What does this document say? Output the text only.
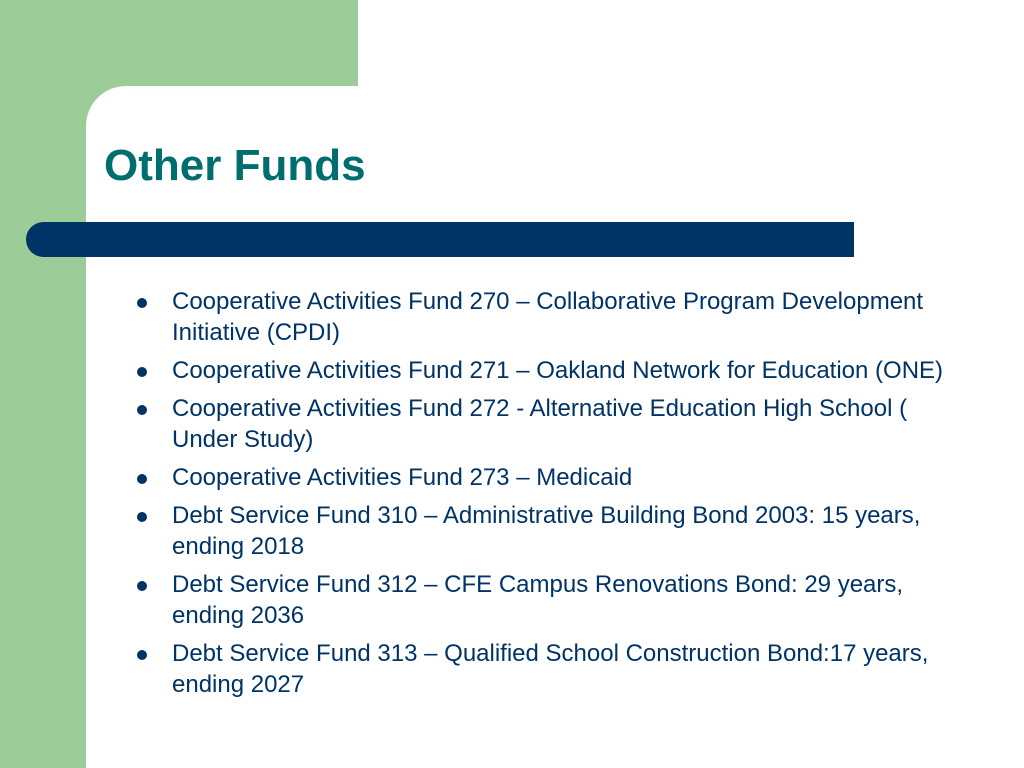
Other Funds
Cooperative Activities Fund 270 – Collaborative Program Development Initiative (CPDI)
Cooperative Activities Fund 271 – Oakland Network for Education (ONE)
Cooperative Activities Fund 272 - Alternative Education High School ( Under Study)
Cooperative Activities Fund 273 – Medicaid
Debt Service Fund 310 – Administrative Building Bond 2003: 15 years, ending 2018
Debt Service Fund 312 – CFE Campus Renovations Bond: 29 years, ending 2036
Debt Service Fund 313 – Qualified School Construction Bond:17 years, ending 2027
